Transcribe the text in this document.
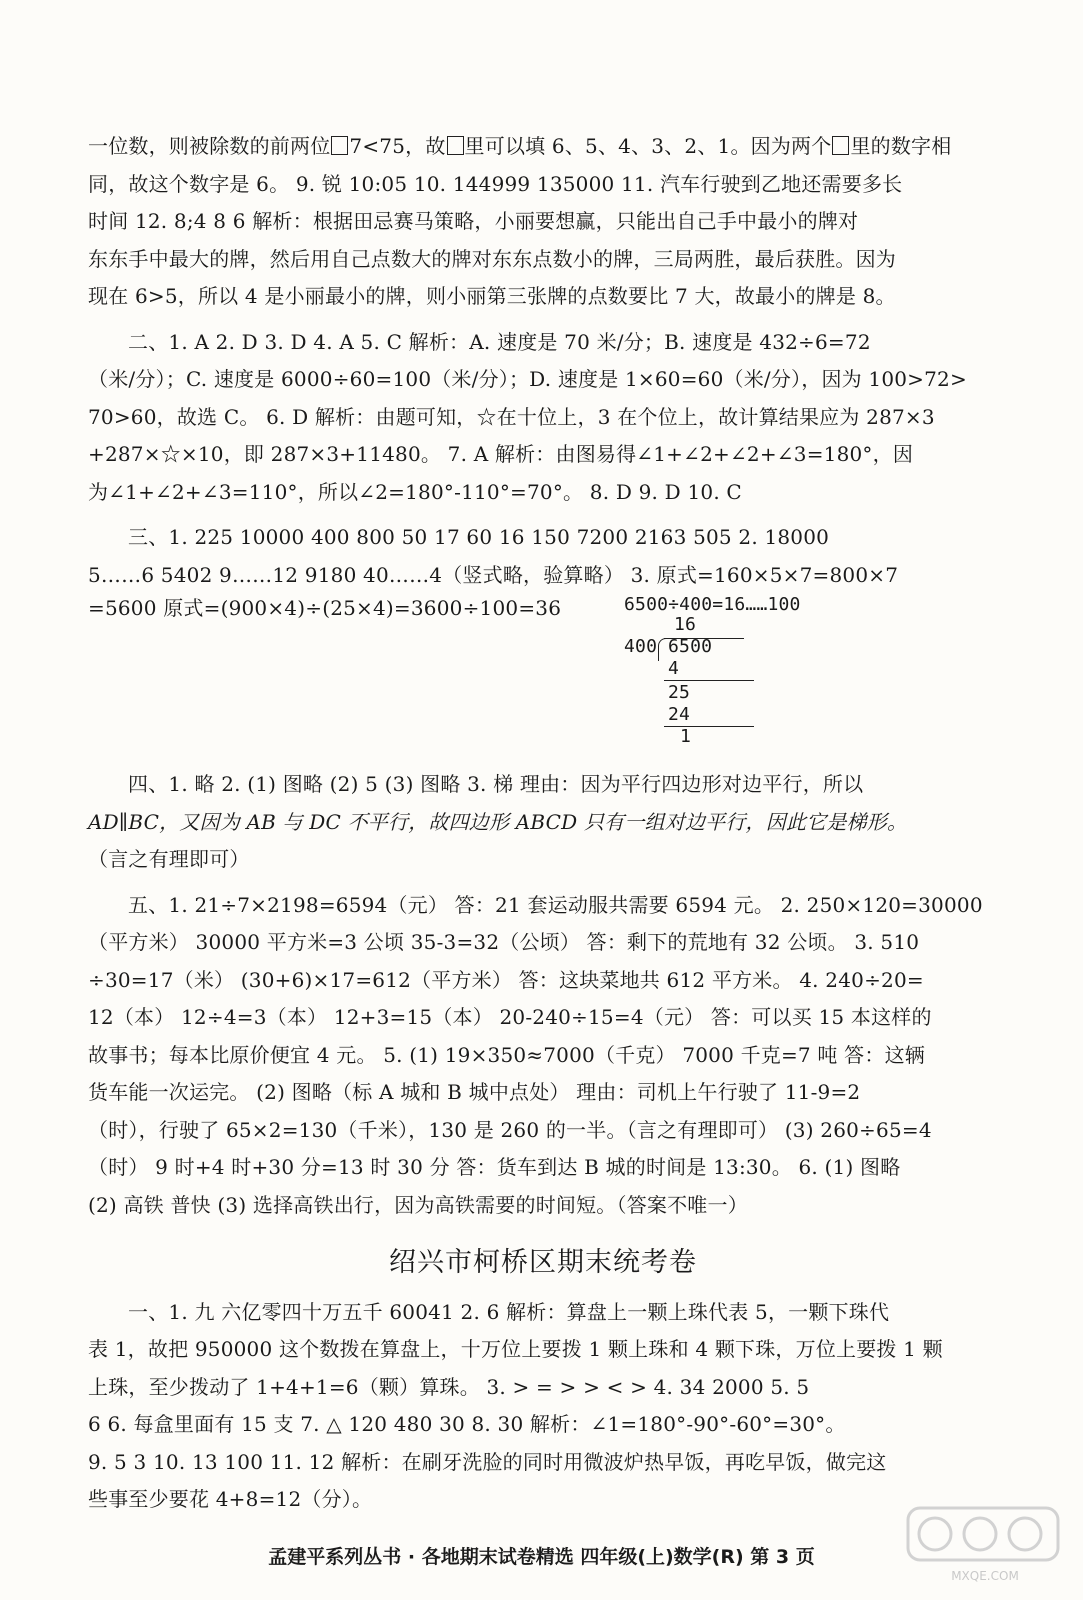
一位数，则被除数的前两位 7<75，故 里可以填 6、5、4、3、2、1。因为两个 里的数字相

同，故这个数字是 6。 9. 锐 10:05 10. 144999 135000 11. 汽车行驶到乙地还需要多长

时间 12. 8;4 8 6 解析：根据田忌赛马策略，小丽要想赢，只能出自己手中最小的牌对

东东手中最大的牌，然后用自己点数大的牌对东东点数小的牌，三局两胜，最后获胜。因为

现在 6>5，所以 4 是小丽最小的牌，则小丽第三张牌的点数要比 7 大，故最小的牌是 8。

二、1. A 2. D 3. D 4. A 5. C 解析：A. 速度是 70 米/分；B. 速度是 432÷6=72

（米/分）；C. 速度是 6000÷60=100（米/分）；D. 速度是 1×60=60（米/分），因为 100>72>

70>60，故选 C。 6. D 解析：由题可知，☆在十位上，3 在个位上，故计算结果应为 287×3

+287×☆×10，即 287×3+11480。 7. A 解析：由图易得∠1+∠2+∠2+∠3=180°，因

为∠1+∠2+∠3=110°，所以∠2=180°-110°=70°。 8. D 9. D 10. C

三、1. 225 10000 400 800 50 17 60 16 150 7200 2163 505 2. 18000

5……6 5402 9……12 9180 40……4（竖式略，验算略） 3. 原式=160×5×7=800×7

=5600 原式=(900×4)÷(25×4)=3600÷100=36	6500÷400=16……100
16
400 6500
4
25
24
1

四、1. 略 2. (1) 图略 (2) 5 (3) 图略 3. 梯 理由：因为平行四边形对边平行，所以

AD∥BC，又因为 AB 与 DC 不平行，故四边形 ABCD 只有一组对边平行，因此它是梯形。

（言之有理即可）

五、1. 21÷7×2198=6594（元） 答：21 套运动服共需要 6594 元。 2. 250×120=30000

（平方米） 30000 平方米=3 公顷 35-3=32（公顷） 答：剩下的荒地有 32 公顷。 3. 510

÷30=17（米） (30+6)×17=612（平方米） 答：这块菜地共 612 平方米。 4. 240÷20=

12（本） 12÷4=3（本） 12+3=15（本） 20-240÷15=4（元） 答：可以买 15 本这样的

故事书；每本比原价便宜 4 元。 5. (1) 19×350≈7000（千克） 7000 千克=7 吨 答：这辆

货车能一次运完。 (2) 图略（标 A 城和 B 城中点处） 理由：司机上午行驶了 11-9=2

（时），行驶了 65×2=130（千米），130 是 260 的一半。（言之有理即可） (3) 260÷65=4

（时） 9 时+4 时+30 分=13 时 30 分 答：货车到达 B 城的时间是 13:30。 6. (1) 图略

(2) 高铁 普快 (3) 选择高铁出行，因为高铁需要的时间短。（答案不唯一）

绍兴市柯桥区期末统考卷

一、1. 九 六亿零四十万五千 60041 2. 6 解析：算盘上一颗上珠代表 5，一颗下珠代

表 1，故把 950000 这个数拨在算盘上，十万位上要拨 1 颗上珠和 4 颗下珠，万位上要拨 1 颗

上珠，至少拨动了 1+4+1=6（颗）算珠。 3. > = > > < > 4. 34 2000 5. 5

6 6. 每盒里面有 15 支 7. △ 120 480 30 8. 30 解析：∠1=180°-90°-60°=30°。

9. 5 3 10. 13 100 11. 12 解析：在刷牙洗脸的同时用微波炉热早饭，再吃早饭，做完这

些事至少要花 4+8=12（分）。

孟建平系列丛书 · 各地期末试卷精选 四年级(上)数学(R) 第 3 页
MXQE.COM
